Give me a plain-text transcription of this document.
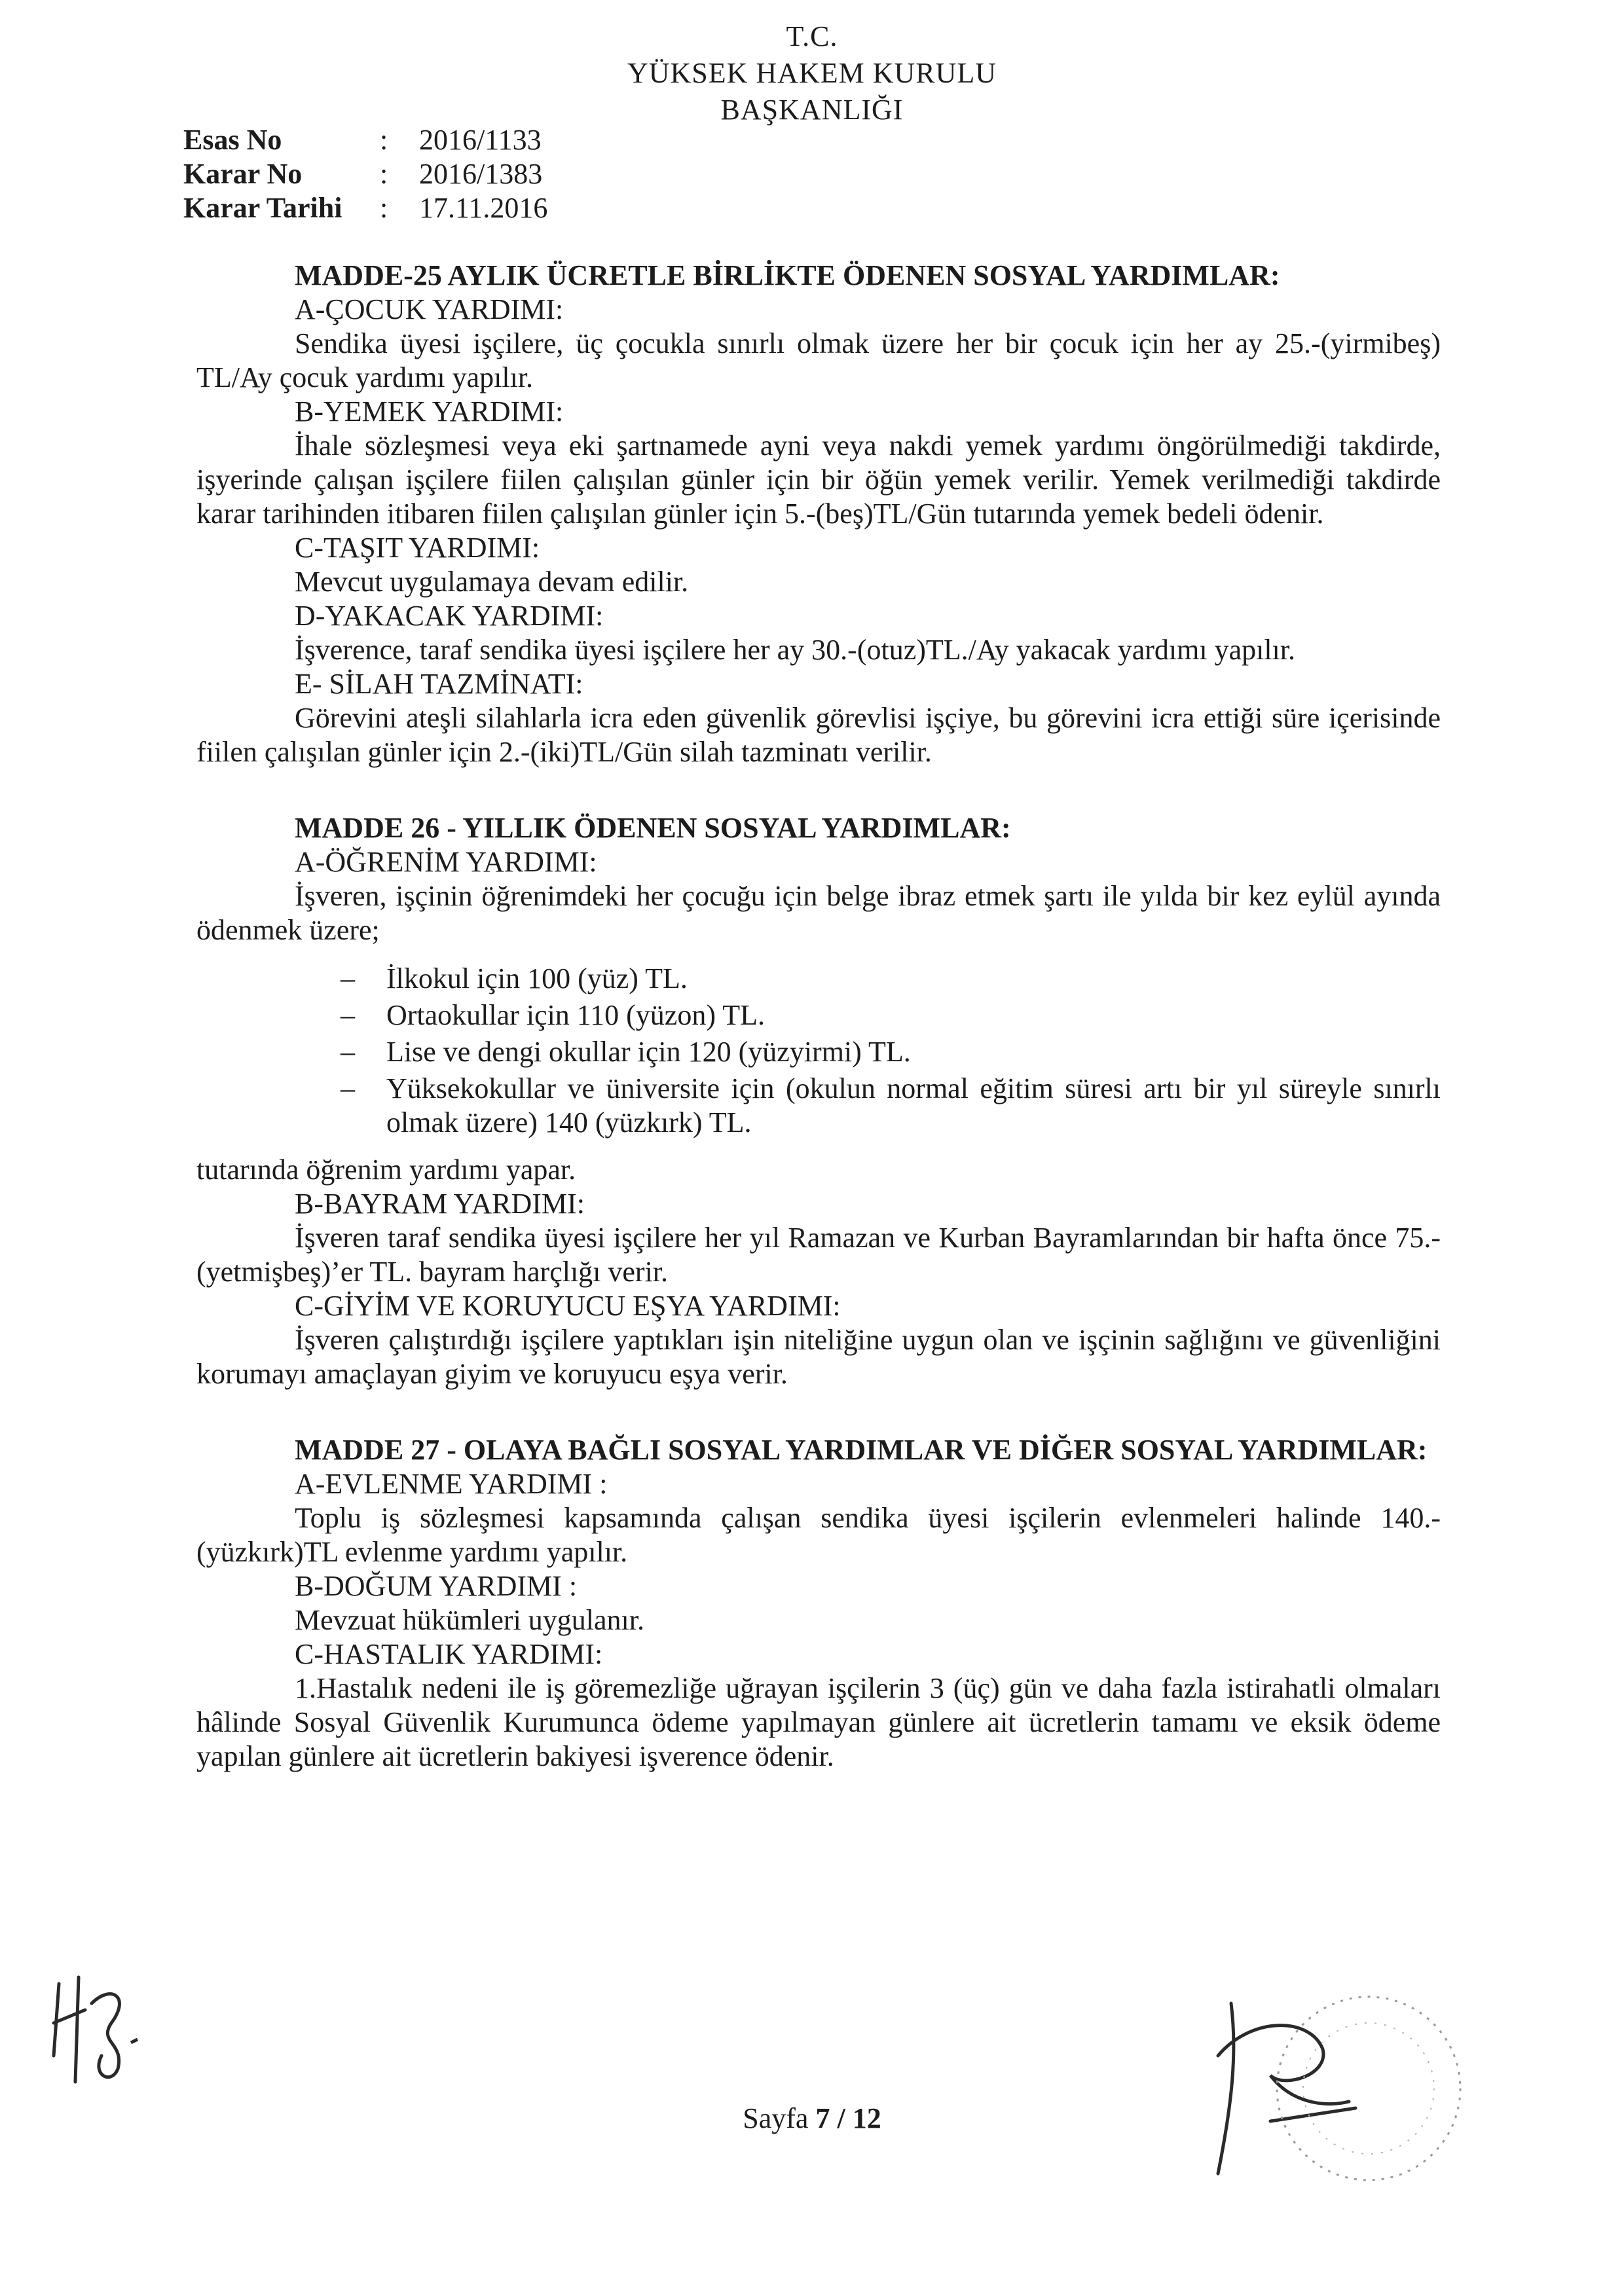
T.C.
YÜKSEK HAKEM KURULU
BAŞKANLIĞI
Esas No	:	2016/1133
Karar No	:	2016/1383
Karar Tarihi	:	17.11.2016
MADDE-25 AYLIK ÜCRETLE BİRLİKTE ÖDENEN SOSYAL YARDIMLAR:
A-ÇOCUK YARDIMI:
Sendika üyesi işçilere, üç çocukla sınırlı olmak üzere her bir çocuk için her ay 25.-(yirmibeş) TL/Ay çocuk yardımı yapılır.
B-YEMEK YARDIMI:
İhale sözleşmesi veya eki şartnamede ayni veya nakdi yemek yardımı öngörülmediği takdirde, işyerinde çalışan işçilere fiilen çalışılan günler için bir öğün yemek verilir. Yemek verilmediği takdirde karar tarihinden itibaren fiilen çalışılan günler için 5.-(beş)TL/Gün tutarında yemek bedeli ödenir.
C-TAŞIT YARDIMI:
Mevcut uygulamaya devam edilir.
D-YAKACAK YARDIMI:
İşverence, taraf sendika üyesi işçilere her ay 30.-(otuz)TL./Ay yakacak yardımı yapılır.
E- SİLAH TAZMİNATI:
Görevini ateşli silahlarla icra eden güvenlik görevlisi işçiye, bu görevini icra ettiği süre içerisinde fiilen çalışılan günler için 2.-(iki)TL/Gün silah tazminatı verilir.
MADDE 26 - YILLIK ÖDENEN SOSYAL YARDIMLAR:
A-ÖĞRENİM YARDIMI:
İşveren, işçinin öğrenimdeki her çocuğu için belge ibraz etmek şartı ile yılda bir kez eylül ayında ödenmek üzere;
–	İlkokul için 100 (yüz) TL.
–	Ortaokullar için 110 (yüzon) TL.
–	Lise ve dengi okullar için 120 (yüzyirmi) TL.
–	Yüksekokullar ve üniversite için (okulun normal eğitim süresi artı bir yıl süreyle sınırlı olmak üzere) 140 (yüzkırk) TL.
tutarında öğrenim yardımı yapar.
B-BAYRAM YARDIMI:
İşveren taraf sendika üyesi işçilere her yıl Ramazan ve Kurban Bayramlarından bir hafta önce 75.-(yetmişbeş)’er TL. bayram harçlığı verir.
C-GİYİM VE KORUYUCU EŞYA YARDIMI:
İşveren çalıştırdığı işçilere yaptıkları işin niteliğine uygun olan ve işçinin sağlığını ve güvenliğini korumayı amaçlayan giyim ve koruyucu eşya verir.
MADDE 27 - OLAYA BAĞLI SOSYAL YARDIMLAR VE DİĞER SOSYAL YARDIMLAR:
A-EVLENME YARDIMI :
Toplu iş sözleşmesi kapsamında çalışan sendika üyesi işçilerin evlenmeleri halinde 140.-(yüzkırk)TL evlenme yardımı yapılır.
B-DOĞUM YARDIMI :
Mevzuat hükümleri uygulanır.
C-HASTALIK YARDIMI:
1.Hastalık nedeni ile iş göremezliğe uğrayan işçilerin 3 (üç) gün ve daha fazla istirahatli olmaları hâlinde Sosyal Güvenlik Kurumunca ödeme yapılmayan günlere ait ücretlerin tamamı ve eksik ödeme yapılan günlere ait ücretlerin bakiyesi işverence ödenir.
Sayfa 7 / 12
